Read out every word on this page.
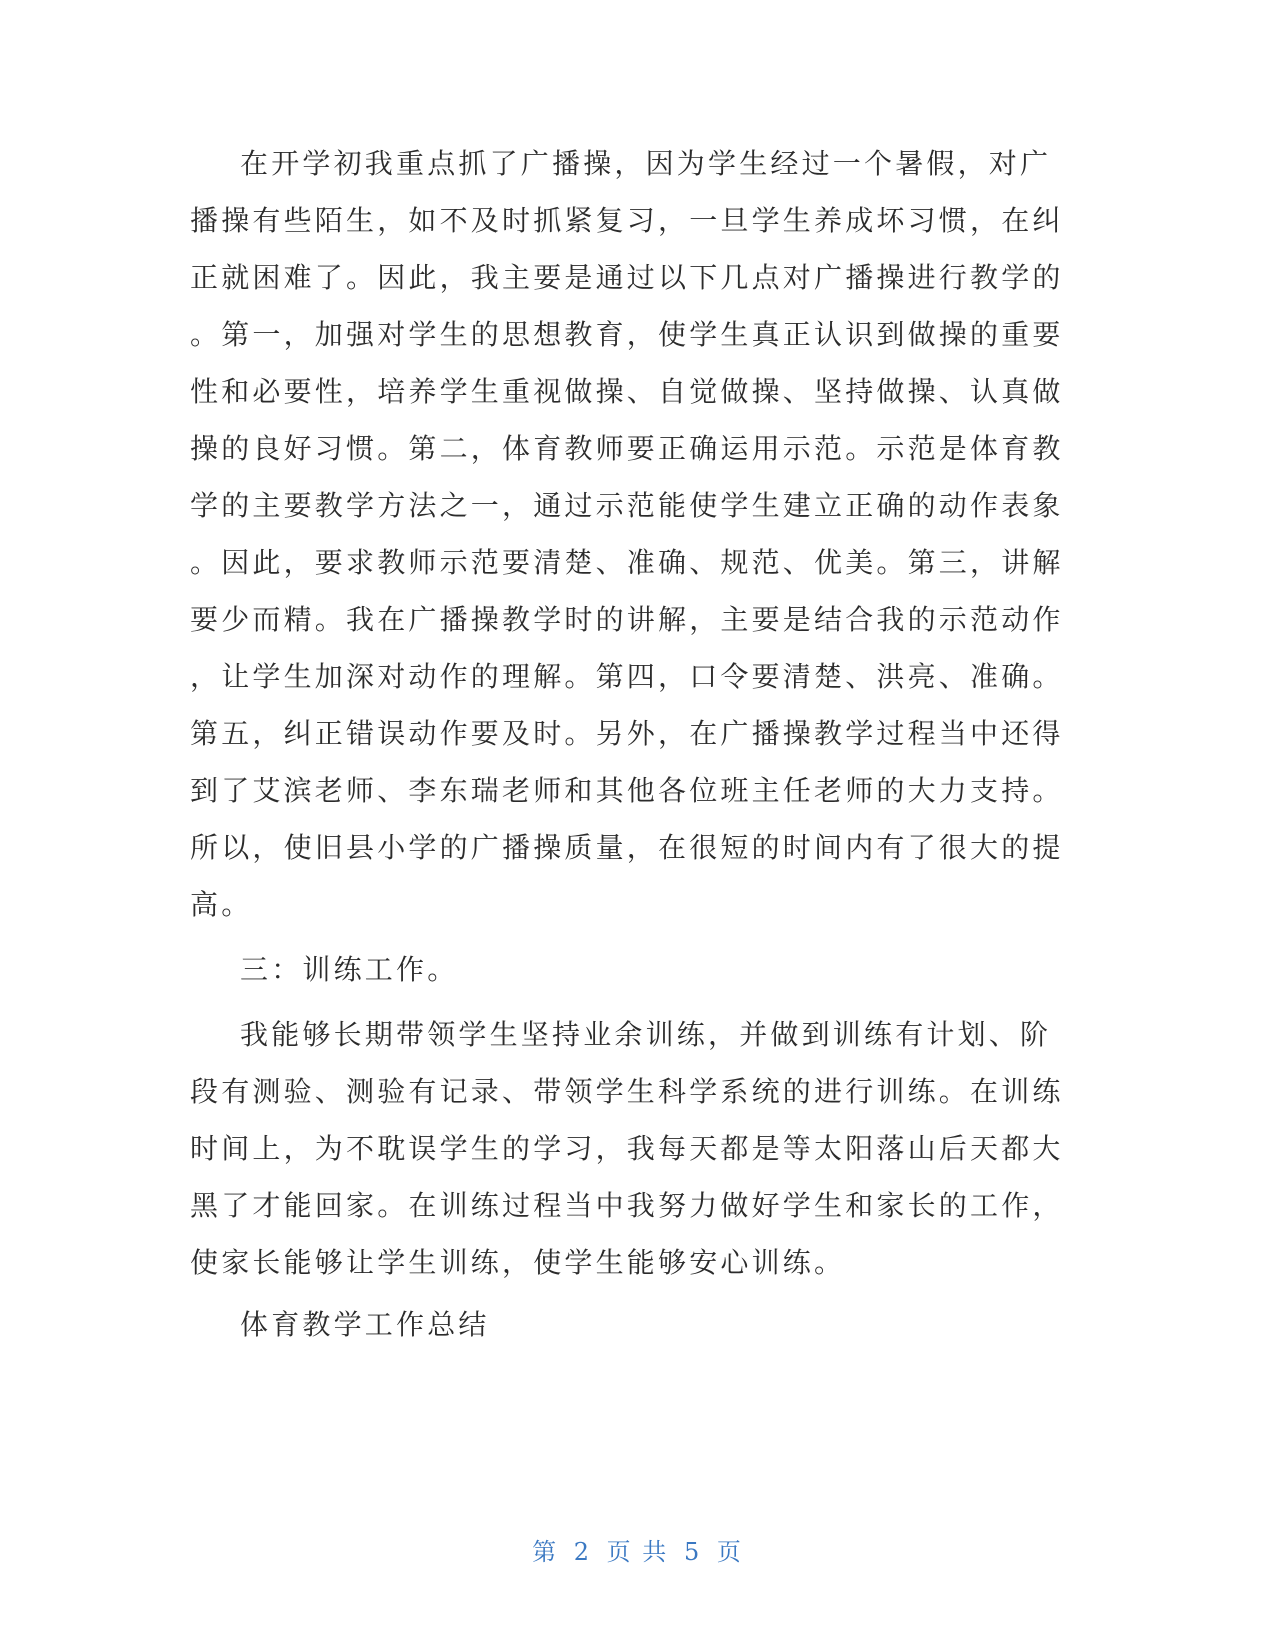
在开学初我重点抓了广播操，因为学生经过一个暑假，对广
播操有些陌生，如不及时抓紧复习，一旦学生养成坏习惯，在纠
正就困难了。因此，我主要是通过以下几点对广播操进行教学的
。第一，加强对学生的思想教育，使学生真正认识到做操的重要
性和必要性，培养学生重视做操、自觉做操、坚持做操、认真做
操的良好习惯。第二，体育教师要正确运用示范。示范是体育教
学的主要教学方法之一，通过示范能使学生建立正确的动作表象
。因此，要求教师示范要清楚、准确、规范、优美。第三，讲解
要少而精。我在广播操教学时的讲解，主要是结合我的示范动作
，让学生加深对动作的理解。第四，口令要清楚、洪亮、准确。
第五，纠正错误动作要及时。另外，在广播操教学过程当中还得
到了艾滨老师、李东瑞老师和其他各位班主任老师的大力支持。
所以，使旧县小学的广播操质量，在很短的时间内有了很大的提
高。
三：训练工作。
我能够长期带领学生坚持业余训练，并做到训练有计划、阶
段有测验、测验有记录、带领学生科学系统的进行训练。在训练
时间上，为不耽误学生的学习，我每天都是等太阳落山后天都大
黑了才能回家。在训练过程当中我努力做好学生和家长的工作，
使家长能够让学生训练，使学生能够安心训练。
体育教学工作总结
第 2 页 共 5 页
